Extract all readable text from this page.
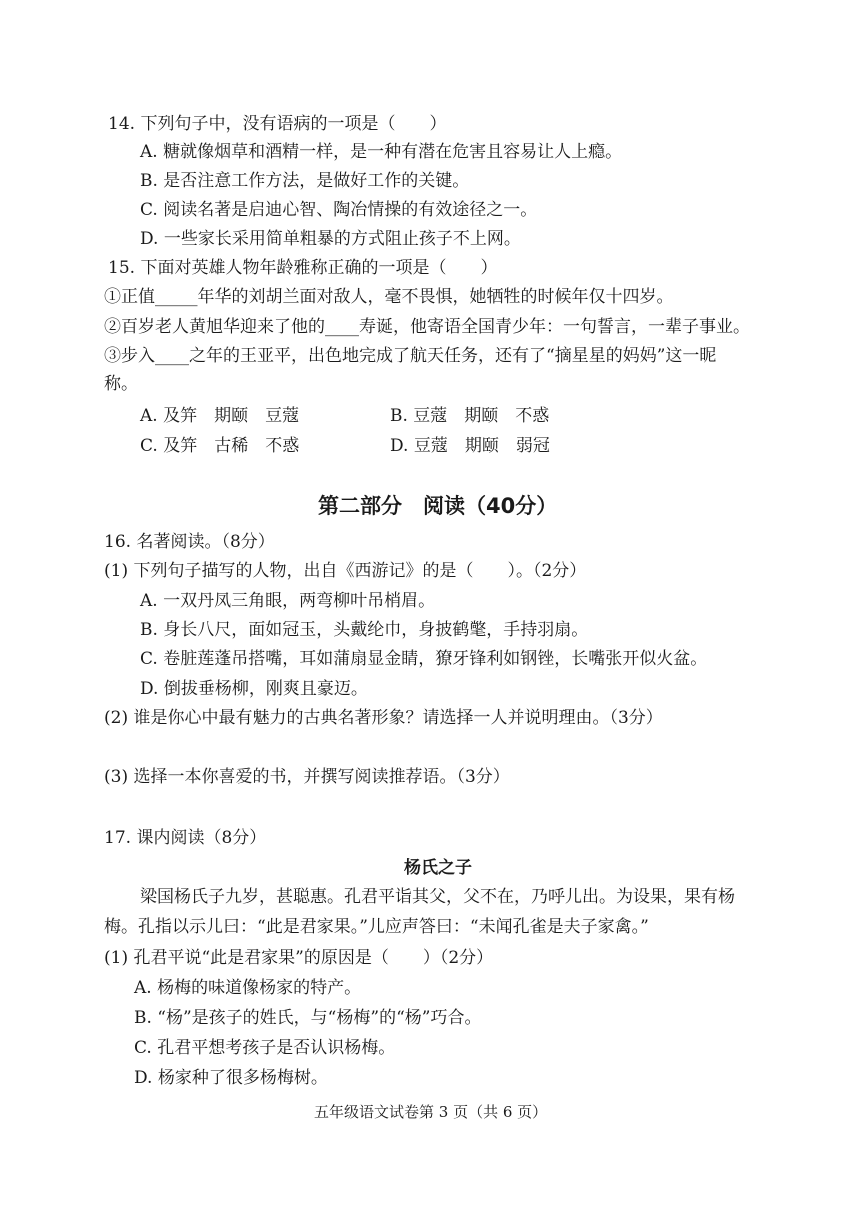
14. 下列句子中，没有语病的一项是（　　）
A. 糖就像烟草和酒精一样，是一种有潜在危害且容易让人上瘾。
B. 是否注意工作方法，是做好工作的关键。
C. 阅读名著是启迪心智、陶冶情操的有效途径之一。
D. 一些家长采用简单粗暴的方式阻止孩子不上网。
15. 下面对英雄人物年龄雅称正确的一项是（　　）
①正值_____年华的刘胡兰面对敌人，毫不畏惧，她牺牲的时候年仅十四岁。
②百岁老人黄旭华迎来了他的____寿诞，他寄语全国青少年：一句誓言，一辈子事业。
③步入____之年的王亚平，出色地完成了航天任务，还有了“摘星星的妈妈”这一昵
称。
A. 及笄　期颐　豆蔻	B. 豆蔻　期颐　不惑
C. 及笄　古稀　不惑	D. 豆蔻　期颐　弱冠
第二部分　阅读（40分）
16. 名著阅读。（8分）
(1) 下列句子描写的人物，出自《西游记》的是（　　）。（2分）
A. 一双丹凤三角眼，两弯柳叶吊梢眉。
B. 身长八尺，面如冠玉，头戴纶巾，身披鹤氅，手持羽扇。
C. 卷脏莲蓬吊搭嘴，耳如蒲扇显金睛，獠牙锋利如钢锉，长嘴张开似火盆。
D. 倒拔垂杨柳，刚爽且豪迈。
(2) 谁是你心中最有魅力的古典名著形象？请选择一人并说明理由。（3分）
(3) 选择一本你喜爱的书，并撰写阅读推荐语。（3分）
17. 课内阅读（8分）
杨氏之子
梁国杨氏子九岁，甚聪惠。孔君平诣其父，父不在，乃呼儿出。为设果，果有杨
梅。孔指以示儿曰：“此是君家果。”儿应声答曰：“未闻孔雀是夫子家禽。”
(1) 孔君平说“此是君家果”的原因是（　　）（2分）
A. 杨梅的味道像杨家的特产。
B. “杨”是孩子的姓氏，与“杨梅”的“杨”巧合。
C. 孔君平想考孩子是否认识杨梅。
D. 杨家种了很多杨梅树。
五年级语文试卷第 3 页（共 6 页）
